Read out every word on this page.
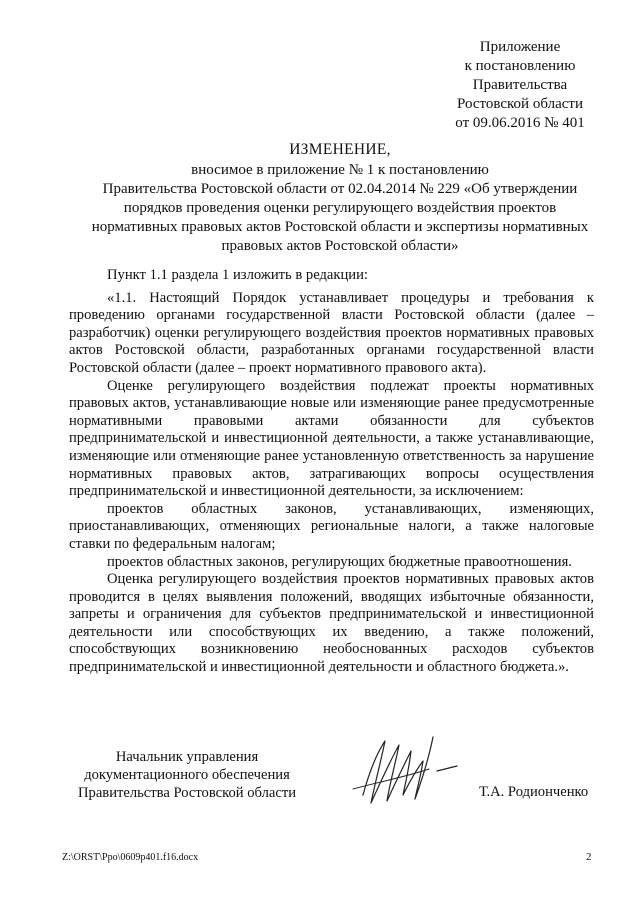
Приложение
к постановлению
Правительства
Ростовской области
от 09.06.2016 № 401
ИЗМЕНЕНИЕ,
вносимое в приложение № 1 к постановлению
Правительства Ростовской области от 02.04.2014 № 229 «Об утверждении
порядков проведения оценки регулирующего воздействия проектов
нормативных правовых актов Ростовской области и экспертизы нормативных
правовых актов Ростовской области»

Пункт 1.1 раздела 1 изложить в редакции:

«1.1. Настоящий Порядок устанавливает процедуры и требования к проведению органами государственной власти Ростовской области (далее – разработчик) оценки регулирующего воздействия проектов нормативных правовых актов Ростовской области, разработанных органами государственной власти Ростовской области (далее – проект нормативного правового акта).

Оценке регулирующего воздействия подлежат проекты нормативных правовых актов, устанавливающие новые или изменяющие ранее предусмотренные нормативными правовыми актами обязанности для субъектов предпринимательской и инвестиционной деятельности, а также устанавливающие, изменяющие или отменяющие ранее установленную ответственность за нарушение нормативных правовых актов, затрагивающих вопросы осуществления предпринимательской и инвестиционной деятельности, за исключением:

проектов областных законов, устанавливающих, изменяющих, приостанавливающих, отменяющих региональные налоги, а также налоговые ставки по федеральным налогам;

проектов областных законов, регулирующих бюджетные правоотношения.

Оценка регулирующего воздействия проектов нормативных правовых актов проводится в целях выявления положений, вводящих избыточные обязанности, запреты и ограничения для субъектов предпринимательской и инвестиционной деятельности или способствующих их введению, а также положений, способствующих возникновению необоснованных расходов субъектов предпринимательской и инвестиционной деятельности и областного бюджета.».

Начальник управления
документационного обеспечения
Правительства Ростовской области	Т.А. Родионченко
Z:\ORST\Ppo\0609p401.f16.docx	2
